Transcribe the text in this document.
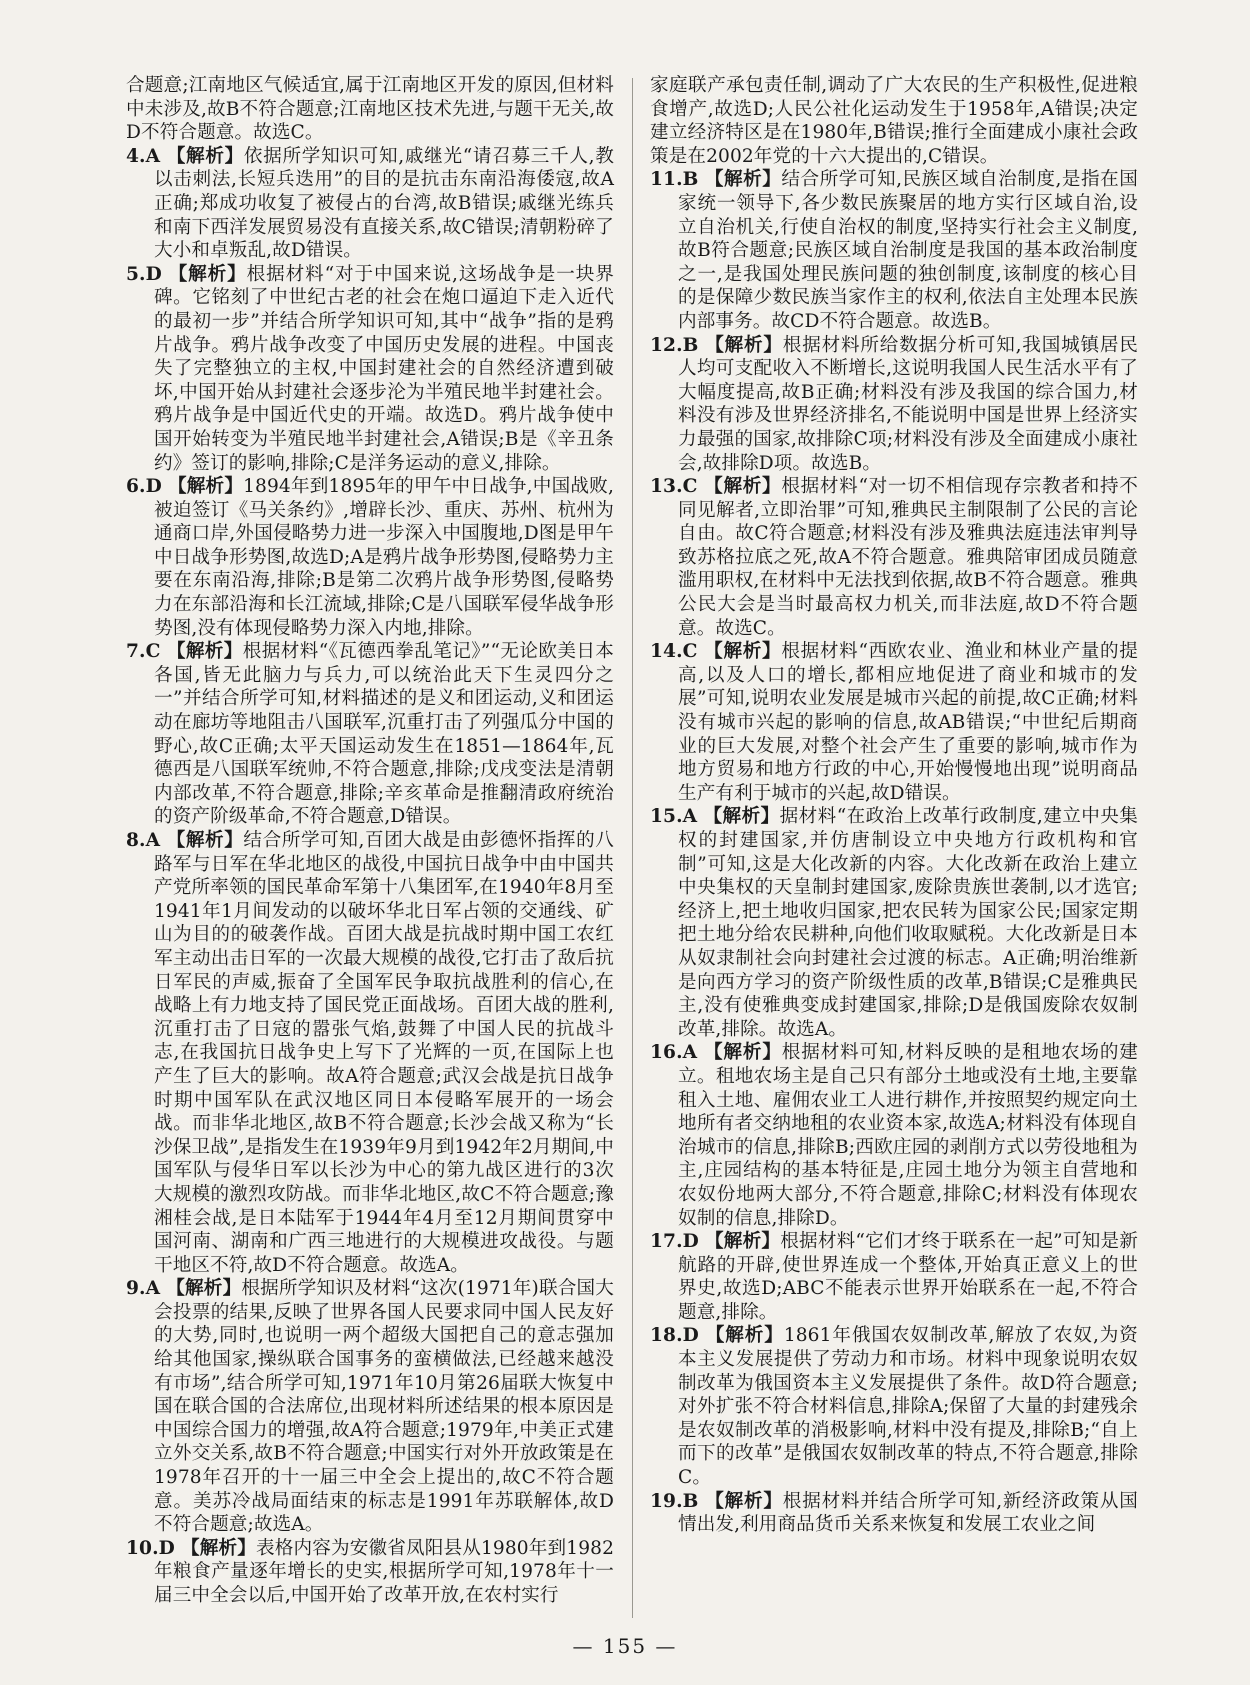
合题意;江南地区气候适宜,属于江南地区开发的原因,但材料中未涉及,故B不符合题意;江南地区技术先进,与题干无关,故D不符合题意。故选C。

4.A 【解析】依据所学知识可知,戚继光“请召募三千人,教以击刺法,长短兵迭用”的目的是抗击东南沿海倭寇,故A正确;郑成功收复了被侵占的台湾,故B错误;戚继光练兵和南下西洋发展贸易没有直接关系,故C错误;清朝粉碎了大小和卓叛乱,故D错误。

5.D 【解析】根据材料“对于中国来说,这场战争是一块界碑。它铭刻了中世纪古老的社会在炮口逼迫下走入近代的最初一步”并结合所学知识可知,其中“战争”指的是鸦片战争。鸦片战争改变了中国历史发展的进程。中国丧失了完整独立的主权,中国封建社会的自然经济遭到破坏,中国开始从封建社会逐步沦为半殖民地半封建社会。鸦片战争是中国近代史的开端。故选D。鸦片战争使中国开始转变为半殖民地半封建社会,A错误;B是《辛丑条约》签订的影响,排除;C是洋务运动的意义,排除。

6.D 【解析】1894年到1895年的甲午中日战争,中国战败,被迫签订《马关条约》,增辟长沙、重庆、苏州、杭州为通商口岸,外国侵略势力进一步深入中国腹地,D图是甲午中日战争形势图,故选D;A是鸦片战争形势图,侵略势力主要在东南沿海,排除;B是第二次鸦片战争形势图,侵略势力在东部沿海和长江流域,排除;C是八国联军侵华战争形势图,没有体现侵略势力深入内地,排除。

7.C 【解析】根据材料“《瓦德西拳乱笔记》”“无论欧美日本各国,皆无此脑力与兵力,可以统治此天下生灵四分之一”并结合所学可知,材料描述的是义和团运动,义和团运动在廊坊等地阻击八国联军,沉重打击了列强瓜分中国的野心,故C正确;太平天国运动发生在1851—1864年,瓦德西是八国联军统帅,不符合题意,排除;戊戌变法是清朝内部改革,不符合题意,排除;辛亥革命是推翻清政府统治的资产阶级革命,不符合题意,D错误。

8.A 【解析】结合所学可知,百团大战是由彭德怀指挥的八路军与日军在华北地区的战役,中国抗日战争中由中国共产党所率领的国民革命军第十八集团军,在1940年8月至1941年1月间发动的以破坏华北日军占领的交通线、矿山为目的的破袭作战。百团大战是抗战时期中国工农红军主动出击日军的一次最大规模的战役,它打击了敌后抗日军民的声威,振奋了全国军民争取抗战胜利的信心,在战略上有力地支持了国民党正面战场。百团大战的胜利,沉重打击了日寇的嚣张气焰,鼓舞了中国人民的抗战斗志,在我国抗日战争史上写下了光辉的一页,在国际上也产生了巨大的影响。故A符合题意;武汉会战是抗日战争时期中国军队在武汉地区同日本侵略军展开的一场会战。而非华北地区,故B不符合题意;长沙会战又称为“长沙保卫战”,是指发生在1939年9月到1942年2月期间,中国军队与侵华日军以长沙为中心的第九战区进行的3次大规模的激烈攻防战。而非华北地区,故C不符合题意;豫湘桂会战,是日本陆军于1944年4月至12月期间贯穿中国河南、湖南和广西三地进行的大规模进攻战役。与题干地区不符,故D不符合题意。故选A。

9.A 【解析】根据所学知识及材料“这次(1971年)联合国大会投票的结果,反映了世界各国人民要求同中国人民友好的大势,同时,也说明一两个超级大国把自己的意志强加给其他国家,操纵联合国事务的蛮横做法,已经越来越没有市场”,结合所学可知,1971年10月第26届联大恢复中国在联合国的合法席位,出现材料所述结果的根本原因是中国综合国力的增强,故A符合题意;1979年,中美正式建立外交关系,故B不符合题意;中国实行对外开放政策是在1978年召开的十一届三中全会上提出的,故C不符合题意。美苏冷战局面结束的标志是1991年苏联解体,故D不符合题意;故选A。

10.D 【解析】表格内容为安徽省凤阳县从1980年到1982年粮食产量逐年增长的史实,根据所学可知,1978年十一届三中全会以后,中国开始了改革开放,在农村实行

家庭联产承包责任制,调动了广大农民的生产积极性,促进粮食增产,故选D;人民公社化运动发生于1958年,A错误;决定建立经济特区是在1980年,B错误;推行全面建成小康社会政策是在2002年党的十六大提出的,C错误。

11.B 【解析】结合所学可知,民族区域自治制度,是指在国家统一领导下,各少数民族聚居的地方实行区域自治,设立自治机关,行使自治权的制度,坚持实行社会主义制度,故B符合题意;民族区域自治制度是我国的基本政治制度之一,是我国处理民族问题的独创制度,该制度的核心目的是保障少数民族当家作主的权利,依法自主处理本民族内部事务。故CD不符合题意。故选B。

12.B 【解析】根据材料所给数据分析可知,我国城镇居民人均可支配收入不断增长,这说明我国人民生活水平有了大幅度提高,故B正确;材料没有涉及我国的综合国力,材料没有涉及世界经济排名,不能说明中国是世界上经济实力最强的国家,故排除C项;材料没有涉及全面建成小康社会,故排除D项。故选B。

13.C 【解析】根据材料“对一切不相信现存宗教者和持不同见解者,立即治罪”可知,雅典民主制限制了公民的言论自由。故C符合题意;材料没有涉及雅典法庭违法审判导致苏格拉底之死,故A不符合题意。雅典陪审团成员随意滥用职权,在材料中无法找到依据,故B不符合题意。雅典公民大会是当时最高权力机关,而非法庭,故D不符合题意。故选C。

14.C 【解析】根据材料“西欧农业、渔业和林业产量的提高,以及人口的增长,都相应地促进了商业和城市的发展”可知,说明农业发展是城市兴起的前提,故C正确;材料没有城市兴起的影响的信息,故AB错误;“中世纪后期商业的巨大发展,对整个社会产生了重要的影响,城市作为地方贸易和地方行政的中心,开始慢慢地出现”说明商品生产有利于城市的兴起,故D错误。

15.A 【解析】据材料“在政治上改革行政制度,建立中央集权的封建国家,并仿唐制设立中央地方行政机构和官制”可知,这是大化改新的内容。大化改新在政治上建立中央集权的天皇制封建国家,废除贵族世袭制,以才选官;经济上,把土地收归国家,把农民转为国家公民;国家定期把土地分给农民耕种,向他们收取赋税。大化改新是日本从奴隶制社会向封建社会过渡的标志。A正确;明治维新是向西方学习的资产阶级性质的改革,B错误;C是雅典民主,没有使雅典变成封建国家,排除;D是俄国废除农奴制改革,排除。故选A。

16.A 【解析】根据材料可知,材料反映的是租地农场的建立。租地农场主是自己只有部分土地或没有土地,主要靠租入土地、雇佣农业工人进行耕作,并按照契约规定向土地所有者交纳地租的农业资本家,故选A;材料没有体现自治城市的信息,排除B;西欧庄园的剥削方式以劳役地租为主,庄园结构的基本特征是,庄园土地分为领主自营地和农奴份地两大部分,不符合题意,排除C;材料没有体现农奴制的信息,排除D。

17.D 【解析】根据材料“它们才终于联系在一起”可知是新航路的开辟,使世界连成一个整体,开始真正意义上的世界史,故选D;ABC不能表示世界开始联系在一起,不符合题意,排除。

18.D 【解析】1861年俄国农奴制改革,解放了农奴,为资本主义发展提供了劳动力和市场。材料中现象说明农奴制改革为俄国资本主义发展提供了条件。故D符合题意;对外扩张不符合材料信息,排除A;保留了大量的封建残余是农奴制改革的消极影响,材料中没有提及,排除B;“自上而下的改革”是俄国农奴制改革的特点,不符合题意,排除C。

19.B 【解析】根据材料并结合所学可知,新经济政策从国情出发,利用商品货币关系来恢复和发展工农业之间

— 155 —
